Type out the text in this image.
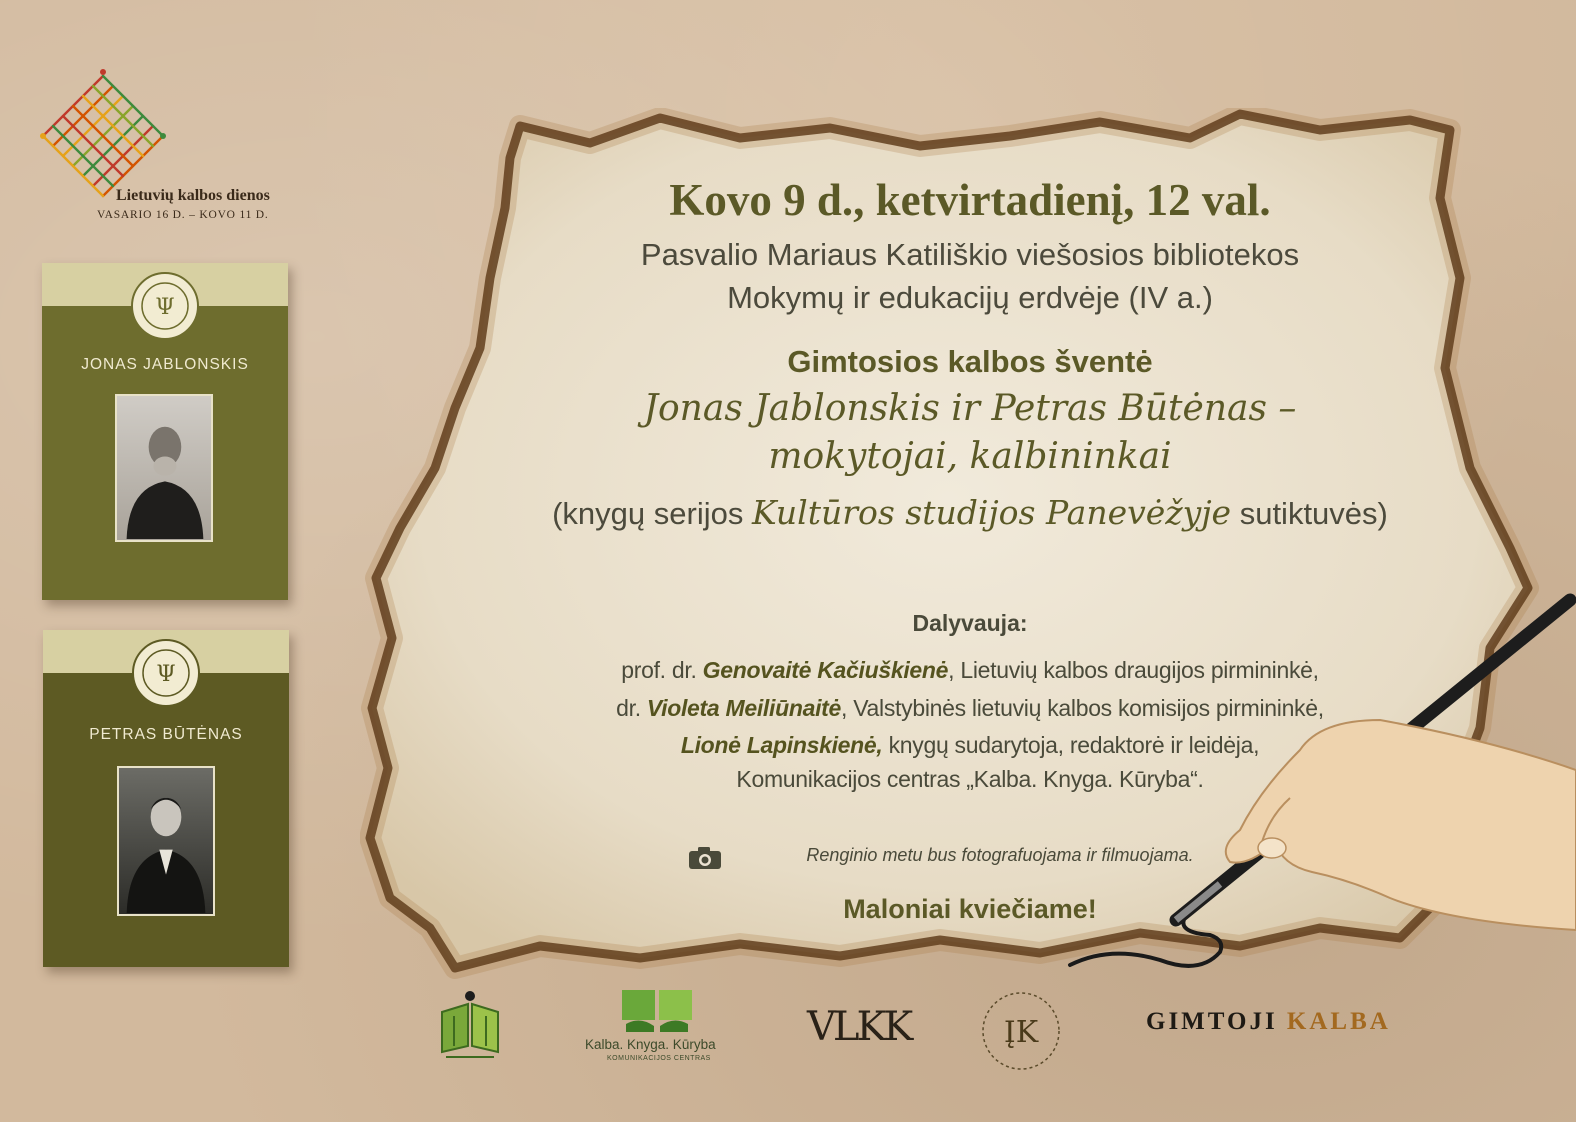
Lietuvių kalbos dienos
VASARIO 16 D. – KOVO 11 D.
Ψ
JONAS JABLONSKIS
Ψ
PETRAS BŪTĖNAS
Kovo 9 d., ketvirtadienį, 12 val.
Pasvalio Mariaus Katiliškio viešosios bibliotekos
Mokymų ir edukacijų erdvėje (IV a.)
Gimtosios kalbos šventė
Jonas Jablonskis ir Petras Būtėnas –
mokytojai, kalbininkai
(knygų serijos Kultūros studijos Panevėžyje sutiktuvės)
Dalyvauja:
prof. dr. Genovaitė Kačiuškienė, Lietuvių kalbos draugijos pirmininkė,
dr. Violeta Meiliūnaitė, Valstybinės lietuvių kalbos komisijos pirmininkė,
Lionė Lapinskienė, knygų sudarytoja, redaktorė ir leidėja,
Komunikacijos centras „Kalba. Knyga. Kūryba“.
Renginio metu bus fotografuojama ir filmuojama.
Maloniai kviečiame!
Kalba. Knyga. Kūryba
KOMUNIKACIJOS CENTRAS
VLKK	ĮK	GIMTOJI KALBA
